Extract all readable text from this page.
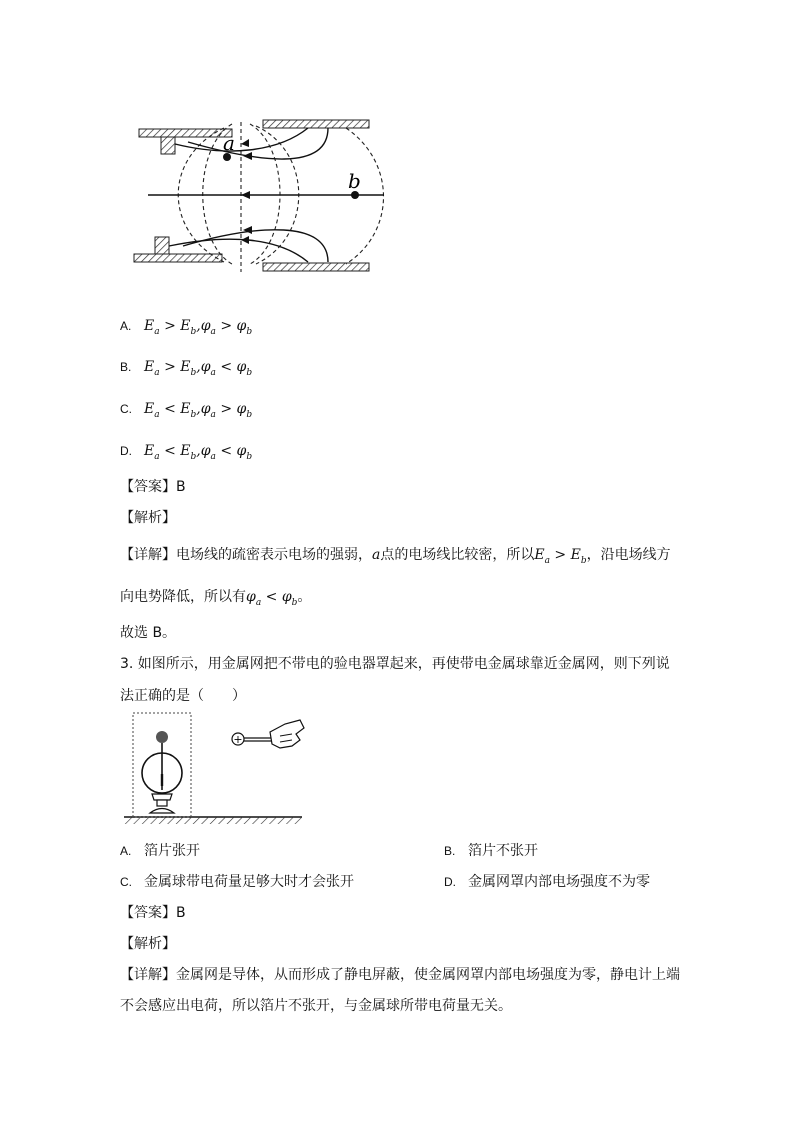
a
b
A. $E_a > E_b,\varphi_a > \varphi_b$
B. $E_a > E_b,\varphi_a < \varphi_b$
C. $E_a < E_b,\varphi_a > \varphi_b$
D. $E_a < E_b,\varphi_a < \varphi_b$
【答案】B
【解析】
【详解】电场线的疏密表示电场的强弱，a点的电场线比较密，所以$E_a > E_b$，沿电场线方
向电势降低，所以有$\varphi_a < \varphi_b$。
故选 B。
3. 如图所示，用金属网把不带电的验电器罩起来，再使带电金属球靠近金属网，则下列说
法正确的是（　　）
+
A. 箔片张开	B. 箔片不张开
C. 金属球带电荷量足够大时才会张开	D. 金属网罩内部电场强度不为零
【答案】B
【解析】
【详解】金属网是导体，从而形成了静电屏蔽，使金属网罩内部电场强度为零，静电计上端
不会感应出电荷，所以箔片不张开，与金属球所带电荷量无关。
